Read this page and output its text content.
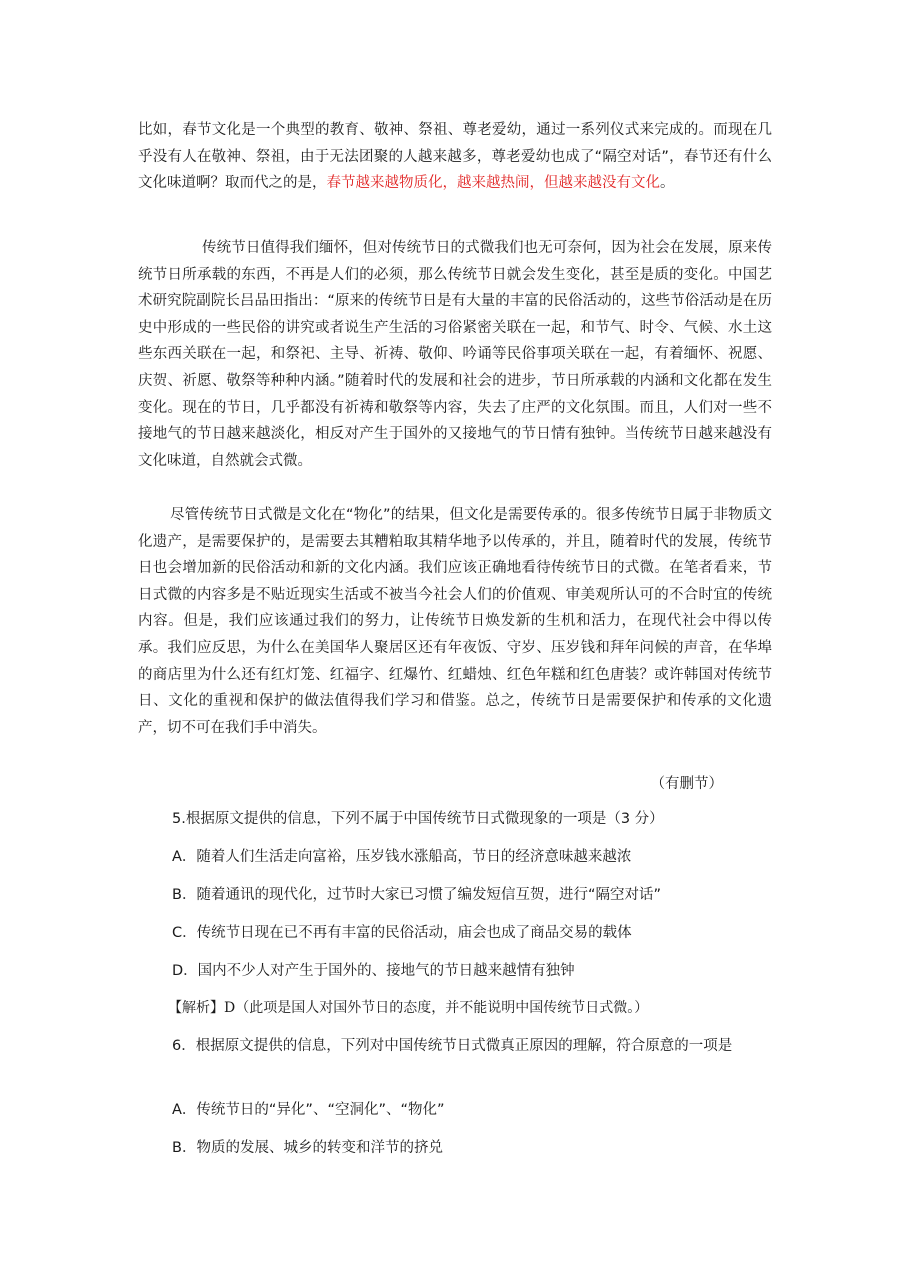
比如，春节文化是一个典型的教育、敬神、祭祖、尊老爱幼，通过一系列仪式来完成的。而现在几乎没有人在敬神、祭祖，由于无法团聚的人越来越多，尊老爱幼也成了“隔空对话”，春节还有什么文化味道啊？取而代之的是，春节越来越物质化，越来越热闹，但越来越没有文化。

传统节日值得我们缅怀，但对传统节日的式微我们也无可奈何，因为社会在发展，原来传统节日所承载的东西，不再是人们的必须，那么传统节日就会发生变化，甚至是质的变化。中国艺术研究院副院长吕品田指出：“原来的传统节日是有大量的丰富的民俗活动的，这些节俗活动是在历史中形成的一些民俗的讲究或者说生产生活的习俗紧密关联在一起，和节气、时令、气候、水土这些东西关联在一起，和祭祀、主导、祈祷、敬仰、吟诵等民俗事项关联在一起，有着缅怀、祝愿、庆贺、祈愿、敬祭等种种内涵。”随着时代的发展和社会的进步，节日所承载的内涵和文化都在发生变化。现在的节日，几乎都没有祈祷和敬祭等内容，失去了庄严的文化氛围。而且，人们对一些不接地气的节日越来越淡化，相反对产生于国外的又接地气的节日情有独钟。当传统节日越来越没有文化味道，自然就会式微。

尽管传统节日式微是文化在“物化”的结果，但文化是需要传承的。很多传统节日属于非物质文化遗产，是需要保护的，是需要去其糟粕取其精华地予以传承的，并且，随着时代的发展，传统节日也会增加新的民俗活动和新的文化内涵。我们应该正确地看待传统节日的式微。在笔者看来，节日式微的内容多是不贴近现实生活或不被当今社会人们的价值观、审美观所认可的不合时宜的传统内容。但是，我们应该通过我们的努力，让传统节日焕发新的生机和活力，在现代社会中得以传承。我们应反思，为什么在美国华人聚居区还有年夜饭、守岁、压岁钱和拜年问候的声音，在华埠的商店里为什么还有红灯笼、红福字、红爆竹、红蜡烛、红色年糕和红色唐装？或许韩国对传统节日、文化的重视和保护的做法值得我们学习和借鉴。总之，传统节日是需要保护和传承的文化遗产，切不可在我们手中消失。

（有删节）

5.根据原文提供的信息，下列不属于中国传统节日式微现象的一项是（3 分）

A．随着人们生活走向富裕，压岁钱水涨船高，节日的经济意味越来越浓

B．随着通讯的现代化，过节时大家已习惯了编发短信互贺，进行“隔空对话”

C．传统节日现在已不再有丰富的民俗活动，庙会也成了商品交易的载体

D．国内不少人对产生于国外的、接地气的节日越来越情有独钟

【解析】D（此项是国人对国外节日的态度，并不能说明中国传统节日式微。）

6．根据原文提供的信息，下列对中国传统节日式微真正原因的理解，符合原意的一项是

A．传统节日的“异化”、“空洞化”、“物化”

B．物质的发展、城乡的转变和洋节的挤兑
